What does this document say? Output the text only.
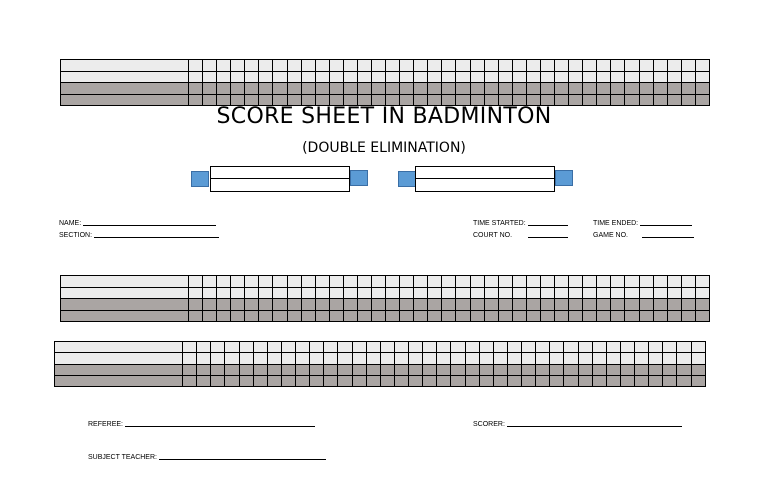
SCORE SHEET IN BADMINTON
(DOUBLE ELIMINATION)
NAME:
SECTION:
TIME STARTED:	TIME ENDED:
COURT NO.	GAME NO.

REFEREE:	SCORER:
SUBJECT TEACHER:
